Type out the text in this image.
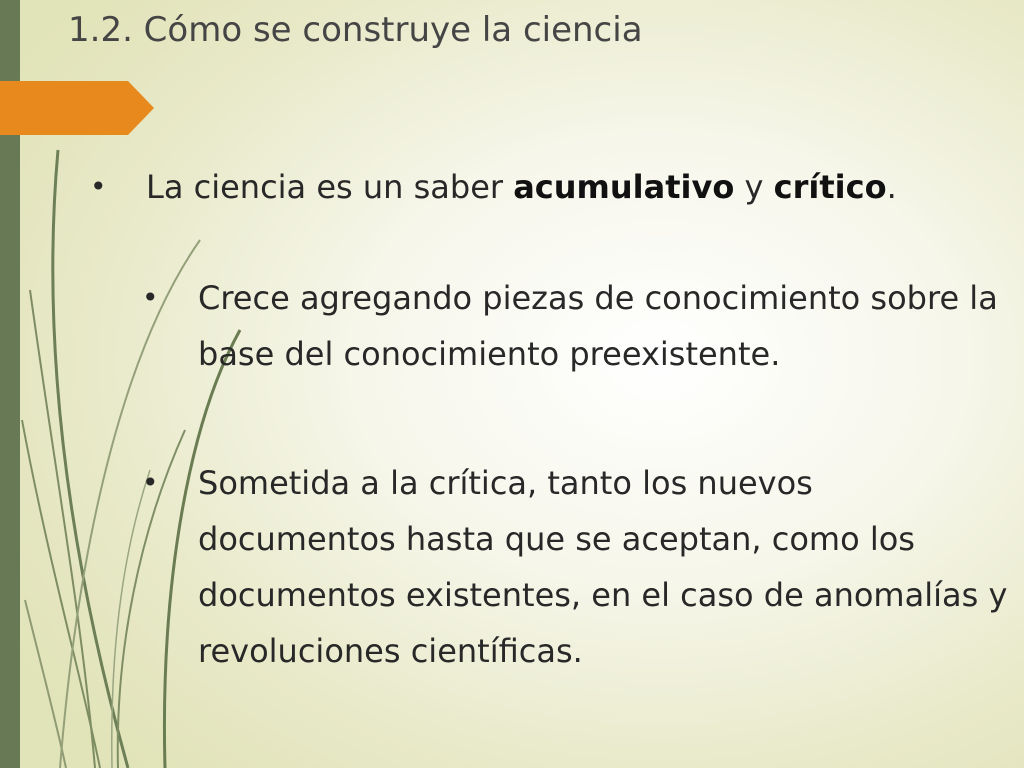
1.2. Cómo se construye la ciencia
•	La ciencia es un saber acumulativo y crítico.
•	Crece agregando piezas de conocimiento sobre la base del conocimiento preexistente.
•	Sometida a la crítica, tanto los nuevos documentos hasta que se aceptan, como los documentos existentes, en el caso de anomalías y revoluciones científicas.
